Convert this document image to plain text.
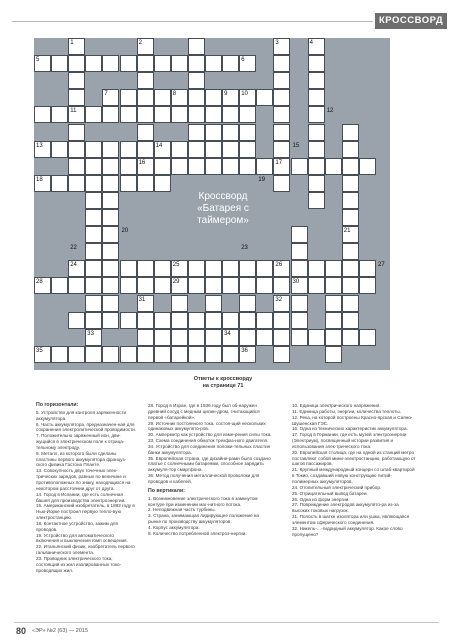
КРОССВОРД
1	2	3	4
5	6
7	8	9 10
11	12
13	14	15
16	17
18	19
20	21
22	23
24	25	26	27
28	29	30
31	32
33	34
35	36
Кроссворд
«Батарея с
таймером»
Ответы к кроссворду
на странице 71
По горизонтали:
5. Устройство для контроля заряженности аккумулятора.
6. Часть аккумулятора, предназначен-ная для сохранения электролитической проводимости.
7. Положительно заряженный ион, дви-жущийся в электрическом поле к отрица-тельному электроду.
9. Металл, из которого были сделаны пластины первого аккумулятора француз-ского физика Гастона Планте.
13. Совокупность двух точечных элек-трических зарядов, равных по величине и противоположных по знаку, находящихся на некотором расстоянии друг от друга.
14. Город в Испании, где есть солнечная башня для производства электроэнергии.
15. Американский изобретатель, в 1882 году в Нью-Йорке построил первую тепло-вую электростанцию.
18. Контактное устройство, зажим для проводов.
19. Устройство для автоматического включения и выключения гомп освещения.
22. Итальянский физик, изобретатель первого гальванического элемента.
23. Проводник электрического тока, состоящий из жил изолированных токо-проводящих жил.
28. Город в Израе, где в 1936 году был об-наружен древний сосуд с медным цилин-дром, считающийся первой «батарейкой».
29. Источник постоянного тока, состоя-щий нескольких одинаковых аккумулято-ров.
30. Амперметр как устройство для изме-рения силы тока.
33. Схема соединения обмоток трехфаз-ного двигателя.
34. Устройство для соединения положи-тельных пластин банки аккумулятора.
35. Европейская страна, где дизайне-рами было создано платье с солнечными батареями, способное зарядить аккумуля-тор смартфона.
36. Метод получения металлической проволоки для проводов и кабелей.
По вертикали:
1. Возникновение электрического тока в замкнутом контуре при изменении маг-нитного потока.
2. Неподвижная часть турбины.
3. Страна, занимающая лидирующее положение на рынке по производству аккумуляторов.
4. Корпус аккумулятора.
8. Количество потребленной электроэ-нергии.
10. Единица электрического напряжения.
11. Единица работы, энергии, количества теплоты.
12. Река, на которой построены Красно-ярская и Саяно-Шушенская ГЭС.
16. Одна из технических характеристик аккумулятора.
17. Город в Германии, где есть музей электроэнергии (Электриум), посвященный истории развития и использования элек-трического тока.
20. Европейская столица, где на одной из станций метро поставляют собой мини-электростанцию, работающую от шагов пассажиров.
21. Крупный международный концерн со штаб-квартирой в Токио, создавший новую конструкцию литий-полимерных аккумуляторов.
24. Отопительный электрический прибор.
25. Отрицательный вывод батареи.
26. Одна из форм энергии.
27. Повреждение электродов аккумулято-ра из-за высоких токовых нагрузок.
31. Полость в шатке изолятора или ушка, являющаяся элементом сферического соединения.
32. Никель-…-гидридный аккумулятор. Какое слово пропущено?
80 «ЭР» №2 (63) — 2015
